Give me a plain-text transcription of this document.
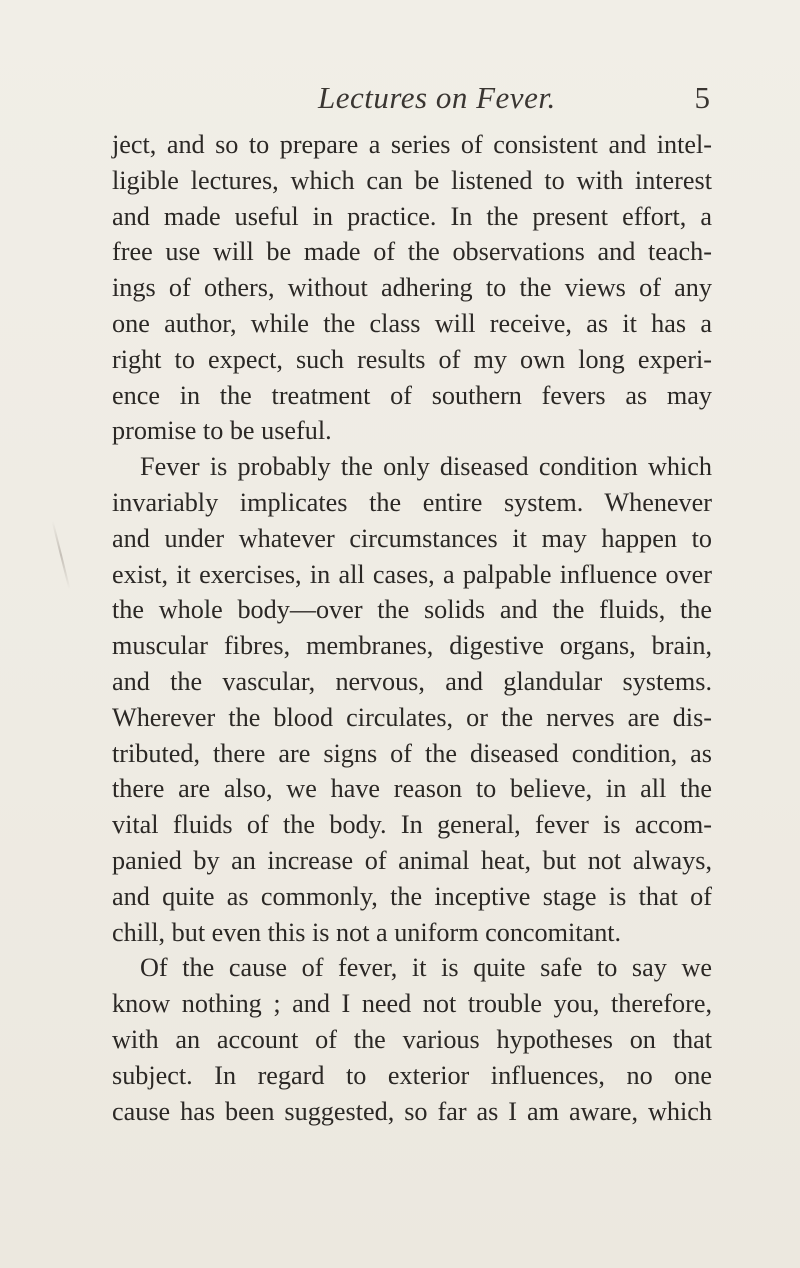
Lectures on Fever.	5
ject, and so to prepare a series of consistent and intel-
ligible lectures, which can be listened to with interest
and made useful in practice. In the present effort, a
free use will be made of the observations and teach-
ings of others, without adhering to the views of any
one author, while the class will receive, as it has a
right to expect, such results of my own long experi-
ence in the treatment of southern fevers as may
promise to be useful.
Fever is probably the only diseased condition which
invariably implicates the entire system. Whenever
and under whatever circumstances it may happen to
exist, it exercises, in all cases, a palpable influence over
the whole body—over the solids and the fluids, the
muscular fibres, membranes, digestive organs, brain,
and the vascular, nervous, and glandular systems.
Wherever the blood circulates, or the nerves are dis-
tributed, there are signs of the diseased condition, as
there are also, we have reason to believe, in all the
vital fluids of the body. In general, fever is accom-
panied by an increase of animal heat, but not always,
and quite as commonly, the inceptive stage is that of
chill, but even this is not a uniform concomitant.
Of the cause of fever, it is quite safe to say we
know nothing ; and I need not trouble you, therefore,
with an account of the various hypotheses on that
subject. In regard to exterior influences, no one
cause has been suggested, so far as I am aware, which
